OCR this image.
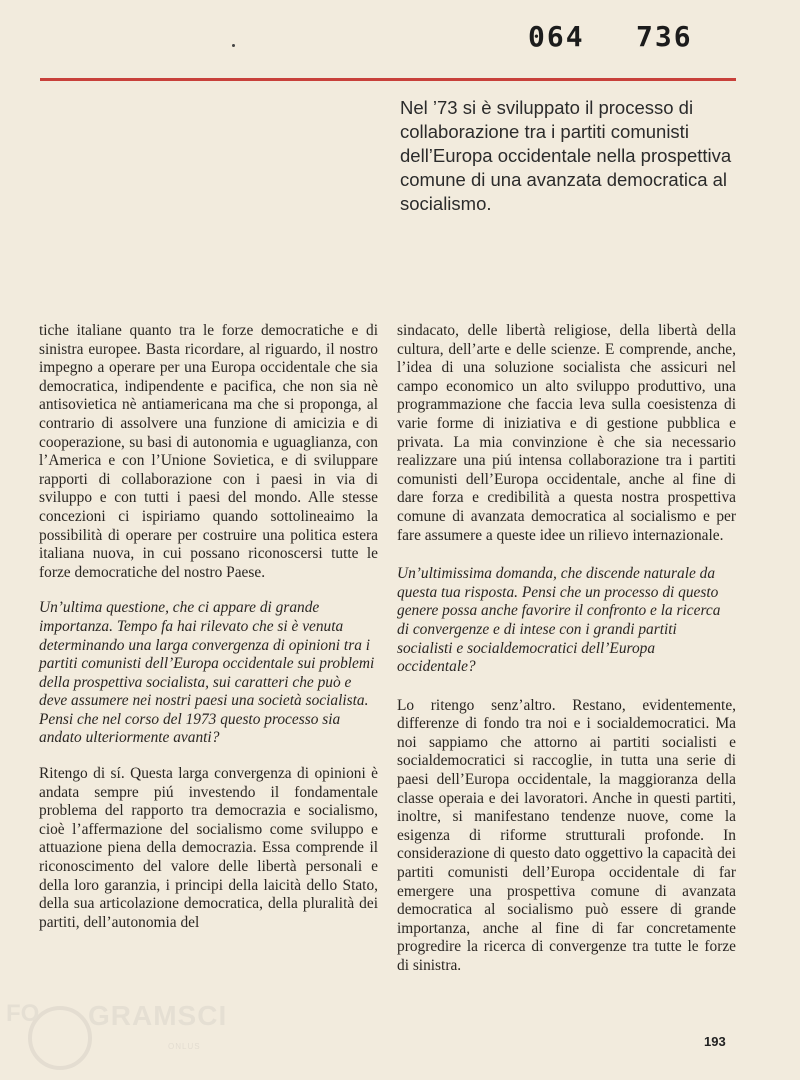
064 736
Nel ’73 si è sviluppato il processo di collaborazione tra i partiti comunisti dell’Europa occidentale nella prospettiva comune di una avanzata democratica al socialismo.

tiche italiane quanto tra le forze democratiche e di sinistra europee. Basta ricordare, al riguardo, il nostro impegno a operare per una Europa occidentale che sia democratica, indipendente e pacifica, che non sia nè antisovietica nè antiamericana ma che si proponga, al contrario di assolvere una funzione di amicizia e di cooperazione, su basi di autonomia e uguaglianza, con l’America e con l’Unione Sovietica, e di sviluppare rapporti di collaborazione con i paesi in via di sviluppo e con tutti i paesi del mondo. Alle stesse concezioni ci ispiriamo quando sottolineaimo la possibilità di operare per costruire una politica estera italiana nuova, in cui possano riconoscersi tutte le forze democratiche del nostro Paese.

Un’ultima questione, che ci appare di grande importanza. Tempo fa hai rilevato che si è venuta determinando una larga convergenza di opinioni tra i partiti comunisti dell’Europa occidentale sui problemi della prospettiva socialista, sui caratteri che può e deve assumere nei nostri paesi una società socialista. Pensi che nel corso del 1973 questo processo sia andato ulteriormente avanti?

Ritengo di sí. Questa larga convergenza di opinioni è andata sempre piú investendo il fondamentale problema del rapporto tra democrazia e socialismo, cioè l’affermazione del socialismo come sviluppo e attuazione piena della democrazia. Essa comprende il riconoscimento del valore delle libertà personali e della loro garanzia, i principi della laicità dello Stato, della sua articolazione democratica, della pluralità dei partiti, dell’autonomia del

sindacato, delle libertà religiose, della libertà della cultura, dell’arte e delle scienze. E comprende, anche, l’idea di una soluzione socialista che assicuri nel campo economico un alto sviluppo produttivo, una programmazione che faccia leva sulla coesistenza di varie forme di iniziativa e di gestione pubblica e privata. La mia convinzione è che sia necessario realizzare una piú intensa collaborazione tra i partiti comunisti dell’Europa occidentale, anche al fine di dare forza e credibilità a questa nostra prospettiva comune di avanzata democratica al socialismo e per fare assumere a queste idee un rilievo internazionale.

Un’ultimissima domanda, che discende naturale da questa tua risposta. Pensi che un processo di questo genere possa anche favorire il confronto e la ricerca di convergenze e di intese con i grandi partiti socialisti e socialdemocratici dell’Europa occidentale?

Lo ritengo senz’altro. Restano, evidentemente, differenze di fondo tra noi e i socialdemocratici. Ma noi sappiamo che attorno ai partiti socialisti e socialdemocratici si raccoglie, in tutta una serie di paesi dell’Europa occidentale, la maggioranza della classe operaia e dei lavoratori. Anche in questi partiti, inoltre, si manifestano tendenze nuove, come la esigenza di riforme strutturali profonde. In considerazione di questo dato oggettivo la capacità dei partiti comunisti dell’Europa occidentale di far emergere una prospettiva comune di avanzata democratica al socialismo può essere di grande importanza, anche al fine di far concretamente progredire la ricerca di convergenze tra tutte le forze di sinistra.

FO GRAMSCI
ONLUS	193
